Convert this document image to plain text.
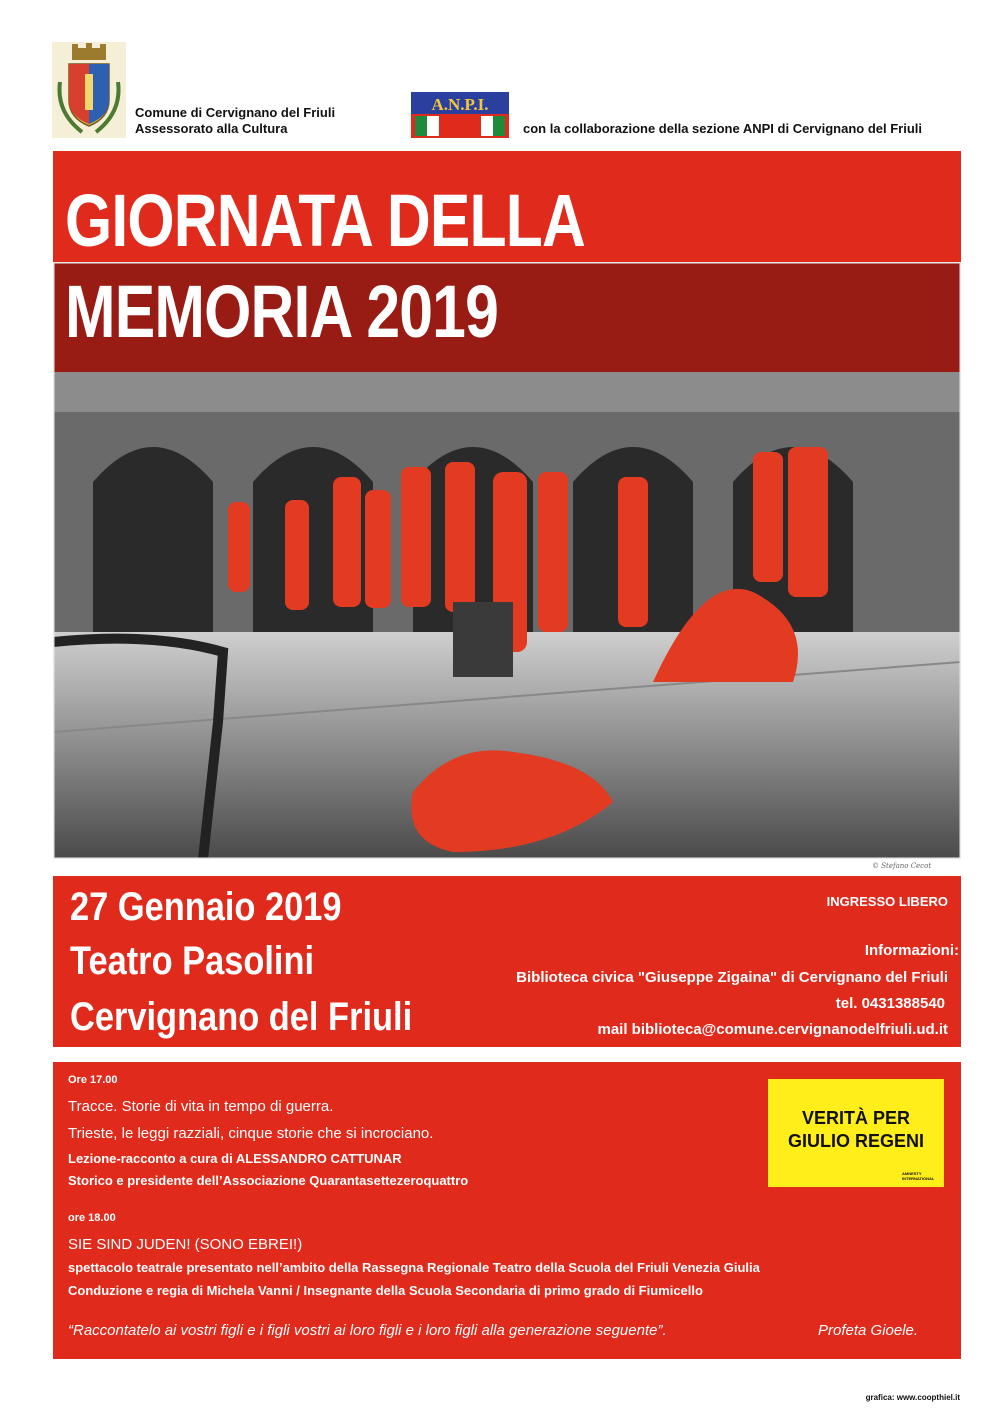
Comune di Cervignano del Friuli
Assessorato alla Cultura
A.N.P.I.
con la collaborazione della sezione ANPI di Cervignano del Friuli
GIORNATA DELLA
MEMORIA 2019
© Stefano Cecot
27 Gennaio 2019
Teatro Pasolini
Cervignano del Friuli
INGRESSO LIBERO
Informazioni:
Biblioteca civica "Giuseppe Zigaina" di Cervignano del Friuli
tel. 0431388540
mail biblioteca@comune.cervignanodelfriuli.ud.it
Ore 17.00
Tracce. Storie di vita in tempo di guerra.
Trieste, le leggi razziali, cinque storie che si incrociano.
Lezione-racconto a cura di ALESSANDRO CATTUNAR
Storico e presidente dell’Associazione Quarantasettezeroquattro
ore 18.00
SIE SIND JUDEN! (SONO EBREI!)
spettacolo teatrale presentato nell’ambito della Rassegna Regionale Teatro della Scuola del Friuli Venezia Giulia
Conduzione e regia di Michela Vanni / Insegnante della Scuola Secondaria di primo grado di Fiumicello
“Raccontatelo ai vostri figli e i figli vostri ai loro figli e i loro figli alla generazione seguente”.	Profeta Gioele.
VERITÀ PER
GIULIO REGENI
AMNESTY INTERNATIONAL
grafica: www.coopthiel.it
